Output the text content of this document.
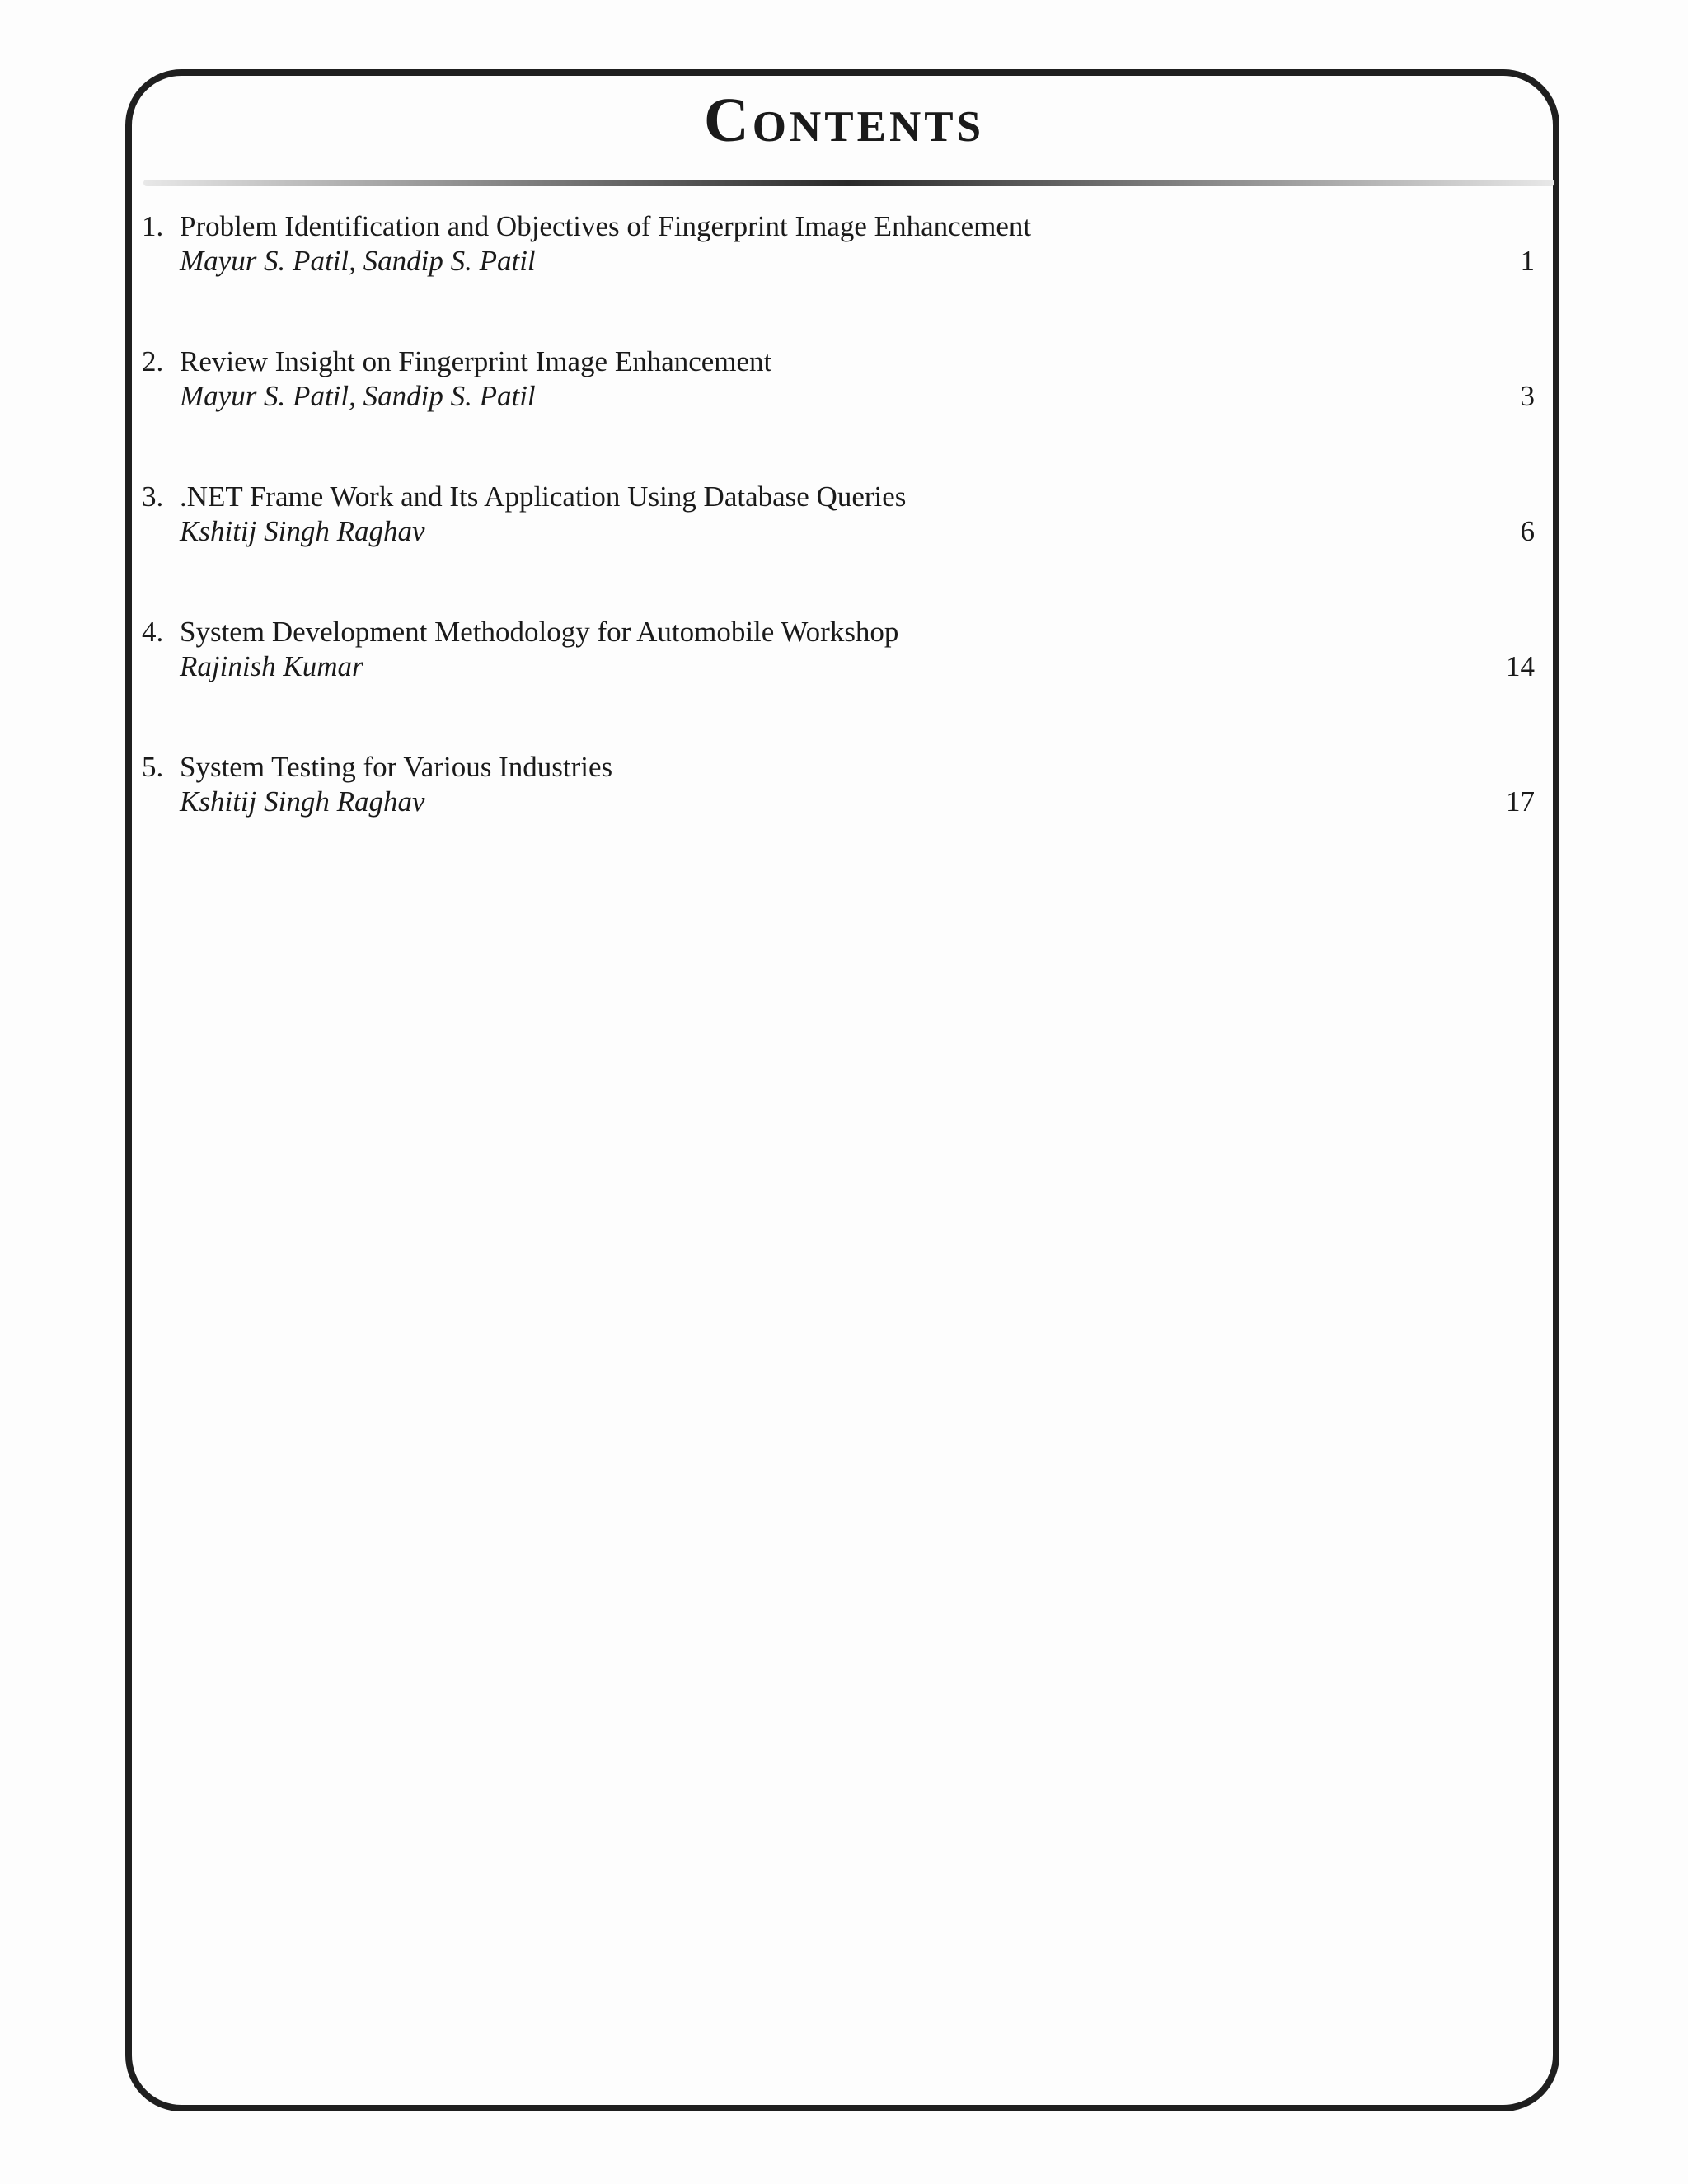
Contents
1. Problem Identification and Objectives of Fingerprint Image Enhancement
Mayur S. Patil, Sandip S. Patil	1
2. Review Insight on Fingerprint Image Enhancement
Mayur S. Patil, Sandip S. Patil	3
3. .NET Frame Work and Its Application Using Database Queries
Kshitij Singh Raghav	6
4. System Development Methodology for Automobile Workshop
Rajinish Kumar	14
5. System Testing for Various Industries
Kshitij Singh Raghav	17
